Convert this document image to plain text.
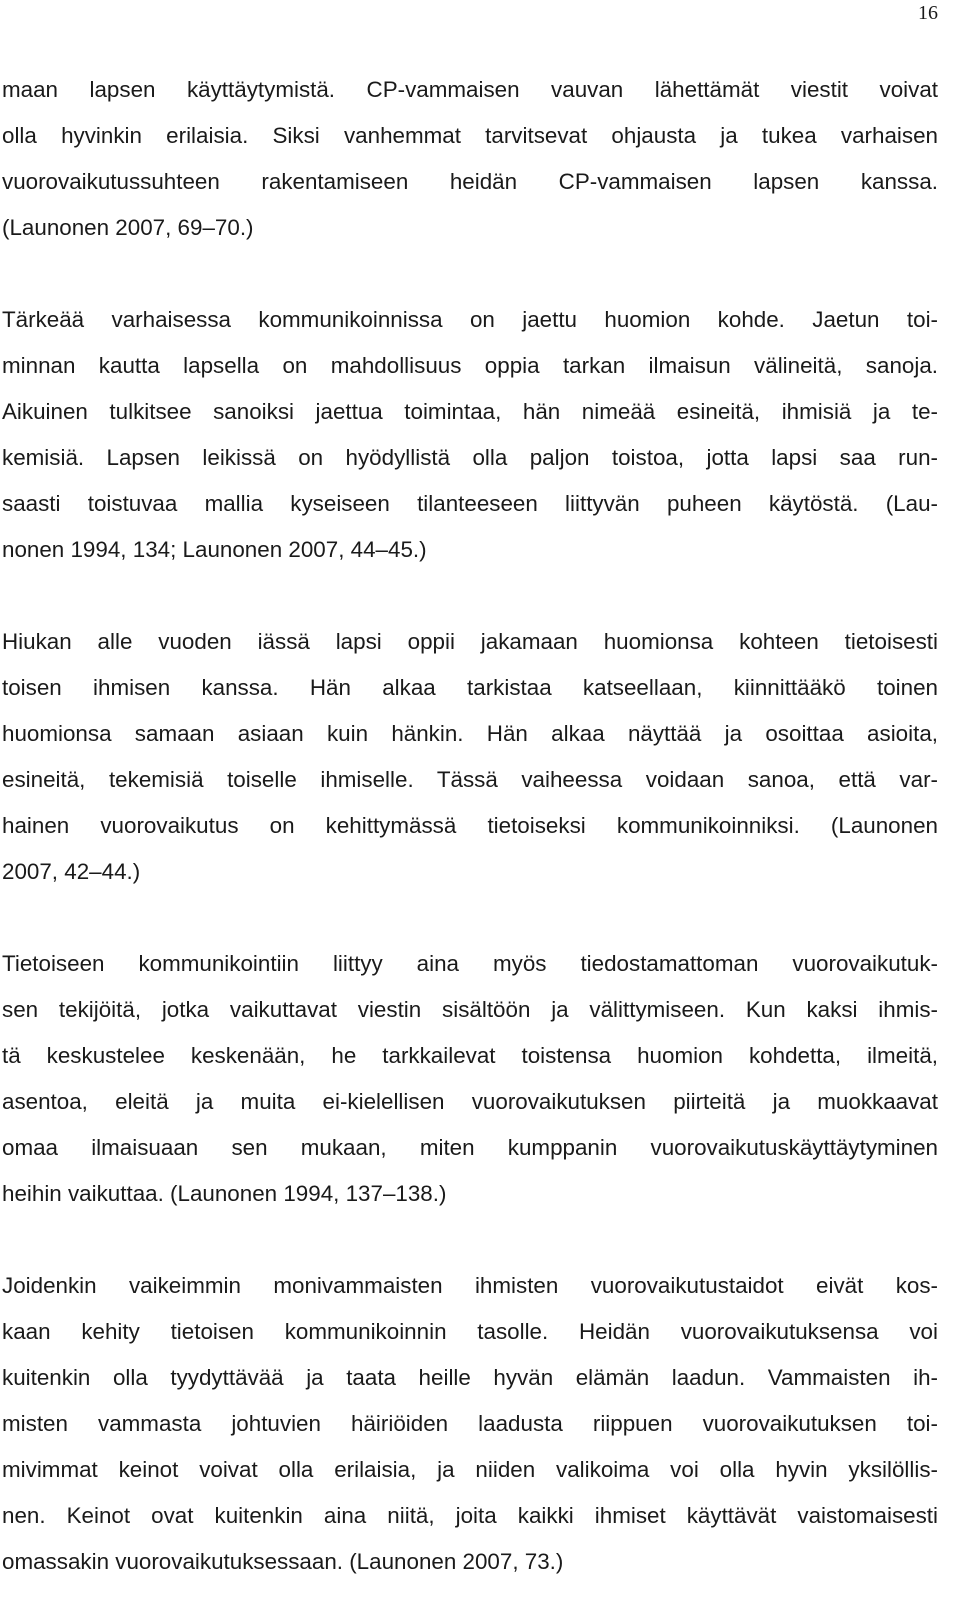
16
maan lapsen käyttäytymistä. CP-vammaisen vauvan lähettämät viestit voivat
olla hyvinkin erilaisia. Siksi vanhemmat tarvitsevat ohjausta ja tukea varhaisen
vuorovaikutussuhteen rakentamiseen heidän CP-vammaisen lapsen kanssa.
(Launonen 2007, 69–70.)
Tärkeää varhaisessa kommunikoinnissa on jaettu huomion kohde. Jaetun toi-
minnan kautta lapsella on mahdollisuus oppia tarkan ilmaisun välineitä, sanoja.
Aikuinen tulkitsee sanoiksi jaettua toimintaa, hän nimeää esineitä, ihmisiä ja te-
kemisiä. Lapsen leikissä on hyödyllistä olla paljon toistoa, jotta lapsi saa run-
saasti toistuvaa mallia kyseiseen tilanteeseen liittyvän puheen käytöstä. (Lau-
nonen 1994, 134; Launonen 2007, 44–45.)
Hiukan alle vuoden iässä lapsi oppii jakamaan huomionsa kohteen tietoisesti
toisen ihmisen kanssa. Hän alkaa tarkistaa katseellaan, kiinnittääkö toinen
huomionsa samaan asiaan kuin hänkin. Hän alkaa näyttää ja osoittaa asioita,
esineitä, tekemisiä toiselle ihmiselle. Tässä vaiheessa voidaan sanoa, että var-
hainen vuorovaikutus on kehittymässä tietoiseksi kommunikoinniksi. (Launonen
2007, 42–44.)
Tietoiseen kommunikointiin liittyy aina myös tiedostamattoman vuorovaikutuk-
sen tekijöitä, jotka vaikuttavat viestin sisältöön ja välittymiseen. Kun kaksi ihmis-
tä keskustelee keskenään, he tarkkailevat toistensa huomion kohdetta, ilmeitä,
asentoa, eleitä ja muita ei-kielellisen vuorovaikutuksen piirteitä ja muokkaavat
omaa ilmaisuaan sen mukaan, miten kumppanin vuorovaikutuskäyttäytyminen
heihin vaikuttaa. (Launonen 1994, 137–138.)
Joidenkin vaikeimmin monivammaisten ihmisten vuorovaikutustaidot eivät kos-
kaan kehity tietoisen kommunikoinnin tasolle. Heidän vuorovaikutuksensa voi
kuitenkin olla tyydyttävää ja taata heille hyvän elämän laadun. Vammaisten ih-
misten vammasta johtuvien häiriöiden laadusta riippuen vuorovaikutuksen toi-
mivimmat keinot voivat olla erilaisia, ja niiden valikoima voi olla hyvin yksilöllis-
nen. Keinot ovat kuitenkin aina niitä, joita kaikki ihmiset käyttävät vaistomaisesti
omassakin vuorovaikutuksessaan. (Launonen 2007, 73.)
